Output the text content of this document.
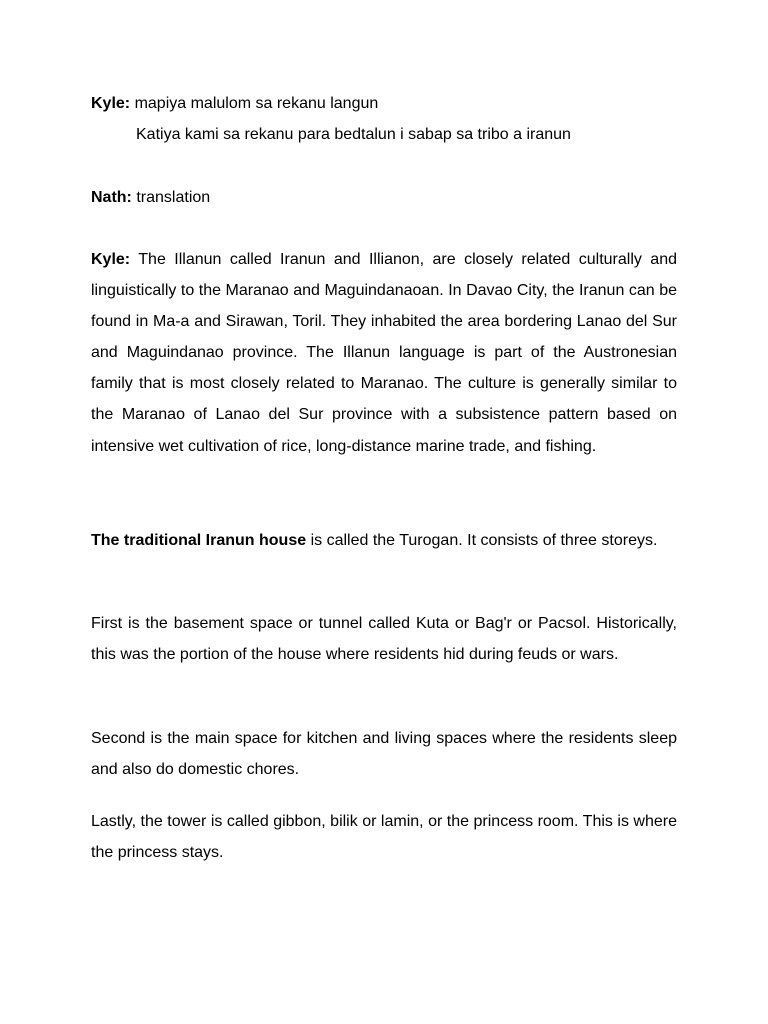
Kyle: mapiya malulom sa rekanu langun

Katiya kami sa rekanu para bedtalun i sabap sa tribo a iranun

Nath: translation

Kyle: The Illanun called Iranun and Illianon, are closely related culturally and linguistically to the Maranao and Maguindanaoan. In Davao City, the Iranun can be found in Ma-a and Sirawan, Toril. They inhabited the area bordering Lanao del Sur and Maguindanao province. The Illanun language is part of the Austronesian family that is most closely related to Maranao. The culture is generally similar to the Maranao of Lanao del Sur province with a subsistence pattern based on intensive wet cultivation of rice, long-distance marine trade, and fishing.

The traditional Iranun house is called the Turogan. It consists of three storeys.

First is the basement space or tunnel called Kuta or Bag'r or Pacsol. Historically, this was the portion of the house where residents hid during feuds or wars.

Second is the main space for kitchen and living spaces where the residents sleep and also do domestic chores.

Lastly, the tower is called gibbon, bilik or lamin, or the princess room. This is where the princess stays.
